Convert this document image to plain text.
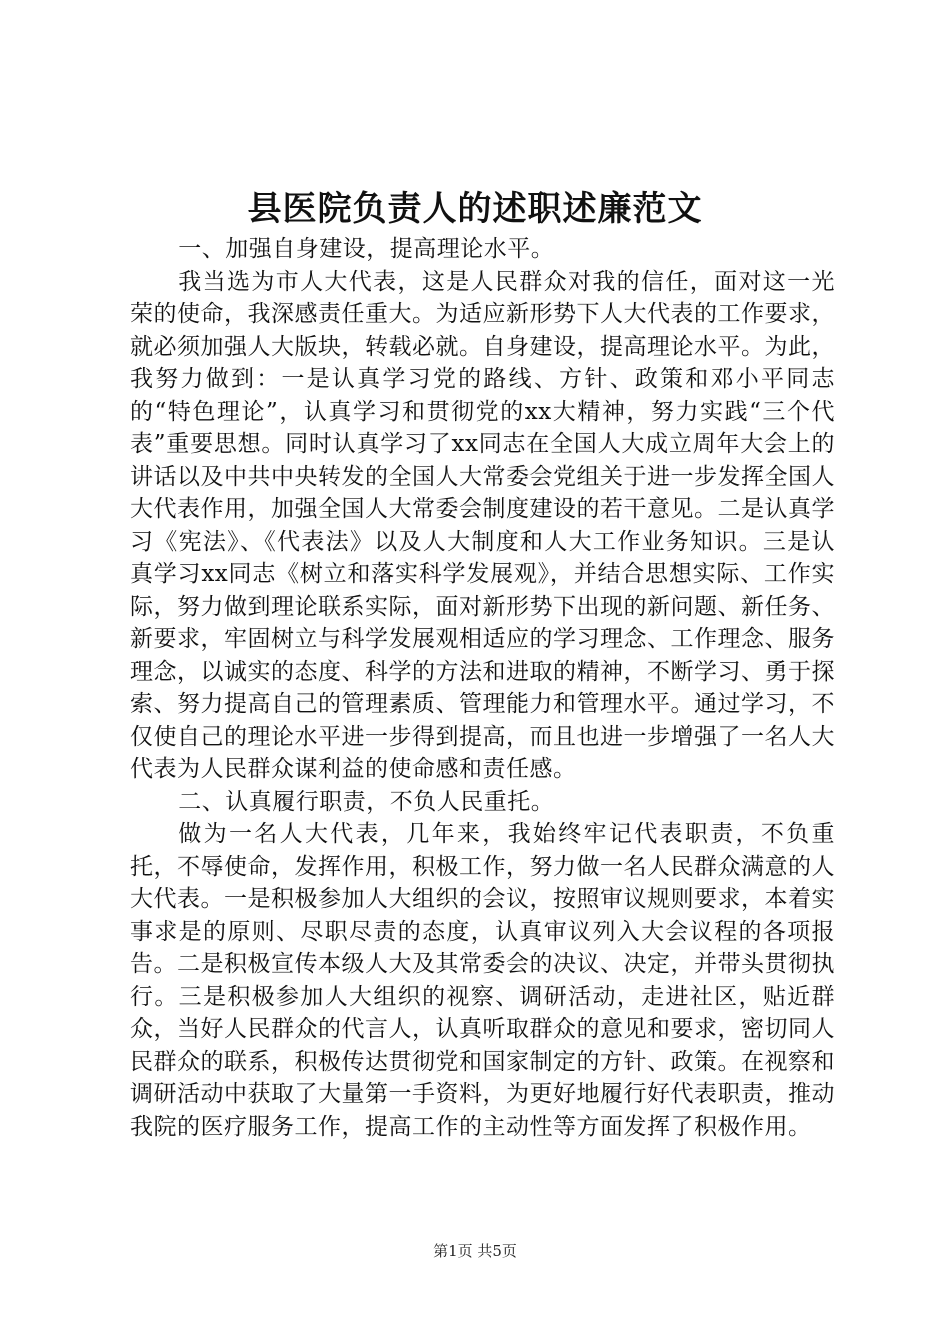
县医院负责人的述职述廉范文

一、加强自身建设，提高理论水平。

我当选为市人大代表，这是人民群众对我的信任，面对这一光荣的使命，我深感责任重大。为适应新形势下人大代表的工作要求，就必须加强人大版块，转载必就。自身建设，提高理论水平。为此，我努力做到：一是认真学习党的路线、方针、政策和邓小平同志的“特色理论”，认真学习和贯彻党的xx大精神，努力实践“三个代表”重要思想。同时认真学习了xx同志在全国人大成立周年大会上的讲话以及中共中央转发的全国人大常委会党组关于进一步发挥全国人大代表作用，加强全国人大常委会制度建设的若干意见。二是认真学习《宪法》、《代表法》以及人大制度和人大工作业务知识。三是认真学习xx同志《树立和落实科学发展观》，并结合思想实际、工作实际，努力做到理论联系实际，面对新形势下出现的新问题、新任务、新要求，牢固树立与科学发展观相适应的学习理念、工作理念、服务理念，以诚实的态度、科学的方法和进取的精神，不断学习、勇于探索、努力提高自己的管理素质、管理能力和管理水平。通过学习，不仅使自己的理论水平进一步得到提高，而且也进一步增强了一名人大代表为人民群众谋利益的使命感和责任感。

二、认真履行职责，不负人民重托。

做为一名人大代表，几年来，我始终牢记代表职责，不负重托，不辱使命，发挥作用，积极工作，努力做一名人民群众满意的人大代表。一是积极参加人大组织的会议，按照审议规则要求，本着实事求是的原则、尽职尽责的态度，认真审议列入大会议程的各项报告。二是积极宣传本级人大及其常委会的决议、决定，并带头贯彻执行。三是积极参加人大组织的视察、调研活动，走进社区，贴近群众，当好人民群众的代言人，认真听取群众的意见和要求，密切同人民群众的联系，积极传达贯彻党和国家制定的方针、政策。在视察和调研活动中获取了大量第一手资料，为更好地履行好代表职责，推动我院的医疗服务工作，提高工作的主动性等方面发挥了积极作用。

第1页 共5页
